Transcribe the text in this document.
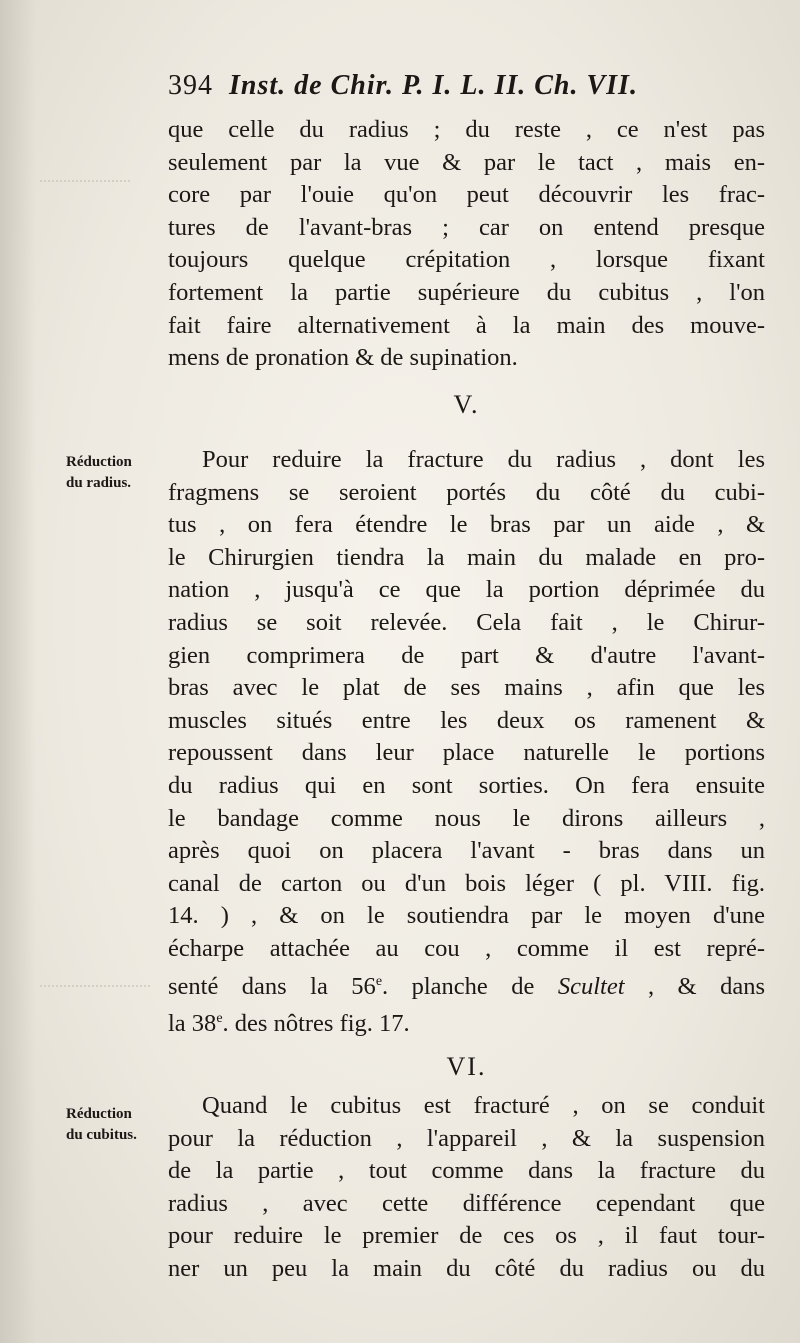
394 Inst. de Chir. P. I. L. II. Ch. VII.
que celle du radius ; du reste , ce n'est pas
seulement par la vue & par le tact , mais en-
core par l'ouie qu'on peut découvrir les frac-
tures de l'avant-bras ; car on entend presque
toujours quelque crépitation , lorsque fixant
fortement la partie supérieure du cubitus , l'on
fait faire alternativement à la main des mouve-
mens de pronation & de supination.
V.
Réduction
du radius.
Pour reduire la fracture du radius , dont les
fragmens se seroient portés du côté du cubi-
tus , on fera étendre le bras par un aide , &
le Chirurgien tiendra la main du malade en pro-
nation , jusqu'à ce que la portion déprimée du
radius se soit relevée. Cela fait , le Chirur-
gien comprimera de part & d'autre l'avant-
bras avec le plat de ses mains , afin que les
muscles situés entre les deux os ramenent &
repoussent dans leur place naturelle le portions
du radius qui en sont sorties. On fera ensuite
le bandage comme nous le dirons ailleurs ,
après quoi on placera l'avant - bras dans un
canal de carton ou d'un bois léger ( pl. VIII. fig.
14. ) , & on le soutiendra par le moyen d'une
écharpe attachée au cou , comme il est repré-
senté dans la 56e. planche de Scultet , & dans
la 38e. des nôtres fig. 17.
VI.
Réduction
du cubitus.
Quand le cubitus est fracturé , on se conduit
pour la réduction , l'appareil , & la suspension
de la partie , tout comme dans la fracture du
radius , avec cette différence cependant que
pour reduire le premier de ces os , il faut tour-
ner un peu la main du côté du radius ou du
